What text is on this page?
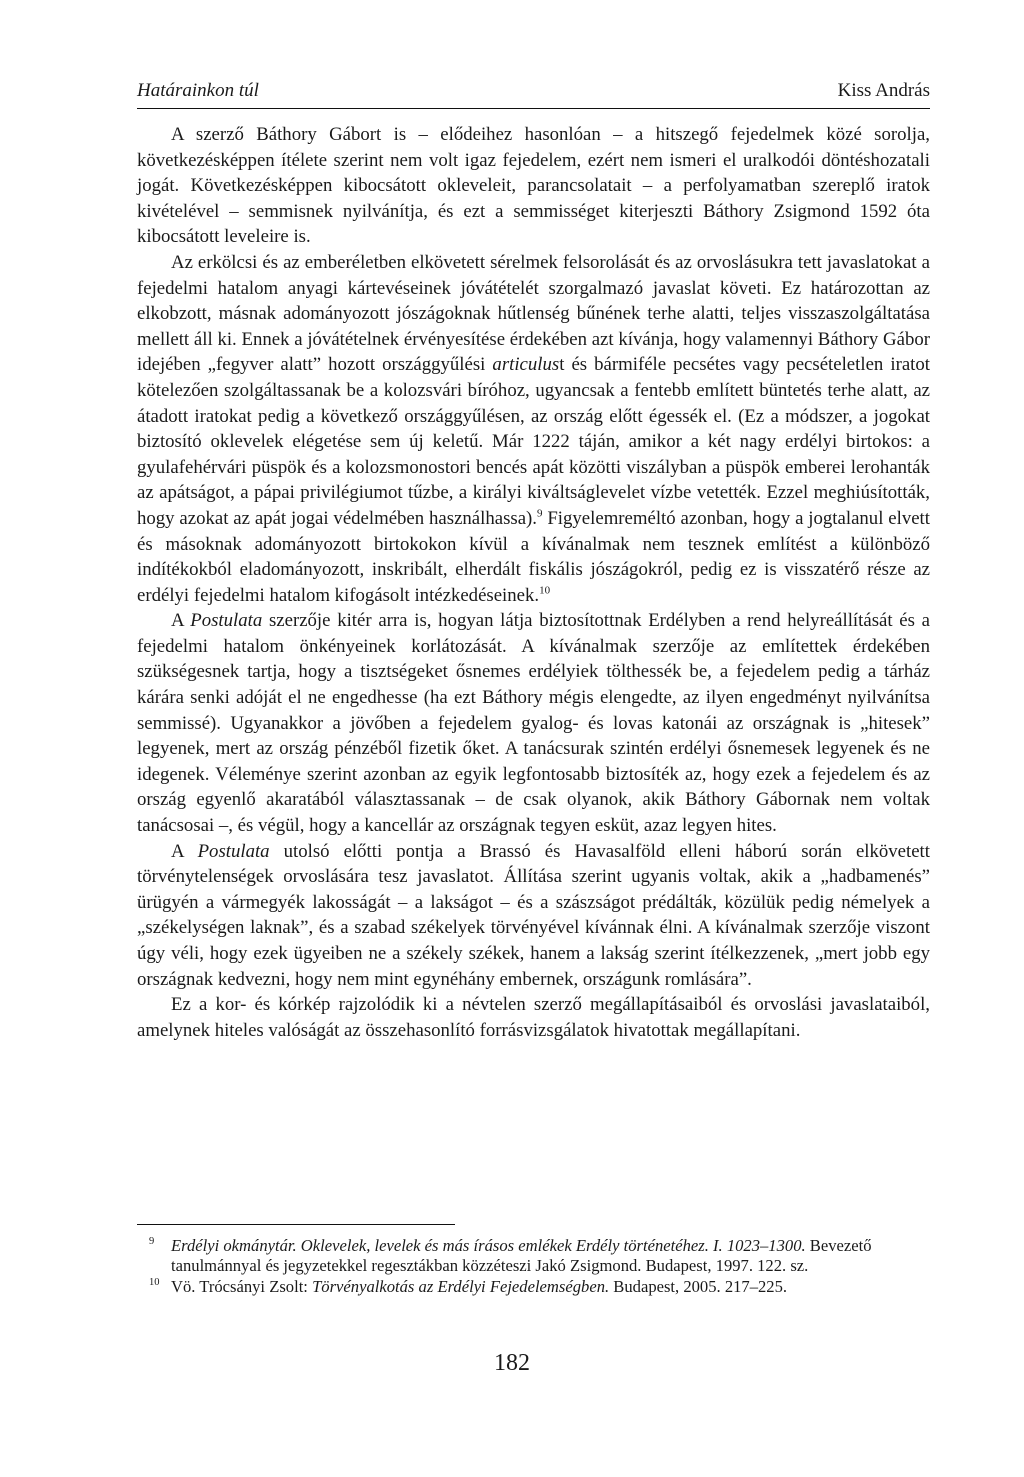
Határainkon túl	Kiss András

A szerző Báthory Gábort is – elődeihez hasonlóan – a hitszegő fejedelmek közé sorolja, következésképpen ítélete szerint nem volt igaz fejedelem, ezért nem ismeri el uralkodói döntéshozatali jogát. Következésképpen kibocsátott okleveleit, parancsolatait – a perfolyamatban szereplő iratok kivételével – semmisnek nyilvánítja, és ezt a semmisséget kiterjeszti Báthory Zsigmond 1592 óta kibocsátott leveleire is.

Az erkölcsi és az emberéletben elkövetett sérelmek felsorolását és az orvoslásukra tett javaslatokat a fejedelmi hatalom anyagi kártevéseinek jóvátételét szorgalmazó javaslat követi. Ez határozottan az elkobzott, másnak adományozott jószágoknak hűtlenség bűnének terhe alatti, teljes visszaszolgáltatása mellett áll ki. Ennek a jóvátételnek érvényesítése érdekében azt kívánja, hogy valamennyi Báthory Gábor idejében „fegyver alatt” hozott országgyűlési articulust és bármiféle pecsétes vagy pecsételetlen iratot kötelezően szolgáltassanak be a kolozsvári bíróhoz, ugyancsak a fentebb említett büntetés terhe alatt, az átadott iratokat pedig a következő országgyűlésen, az ország előtt égessék el. (Ez a módszer, a jogokat biztosító oklevelek elégetése sem új keletű. Már 1222 táján, amikor a két nagy erdélyi birtokos: a gyulafehérvári püspök és a kolozsmonostori bencés apát közötti viszályban a püspök emberei lerohanták az apátságot, a pápai privilégiumot tűzbe, a királyi kiváltságlevelet vízbe vetették. Ezzel meghiúsították, hogy azokat az apát jogai védelmében használhassa).$^9$ Figyelemreméltó azonban, hogy a jogtalanul elvett és másoknak adományozott birtokokon kívül a kívánalmak nem tesznek említést a különböző indítékokból eladományozott, inskribált, elherdált fiskális jószágokról, pedig ez is visszatérő része az erdélyi fejedelmi hatalom kifogásolt intézkedéseinek.$^{10}$

A Postulata szerzője kitér arra is, hogyan látja biztosítottnak Erdélyben a rend helyreállítását és a fejedelmi hatalom önkényeinek korlátozását. A kívánalmak szerzője az említettek érdekében szükségesnek tartja, hogy a tisztségeket ősnemes erdélyiek tölthessék be, a fejedelem pedig a tárház kárára senki adóját el ne engedhesse (ha ezt Báthory mégis elengedte, az ilyen engedményt nyilvánítsa semmissé). Ugyanakkor a jövőben a fejedelem gyalog- és lovas katonái az országnak is „hitesek” legyenek, mert az ország pénzéből fizetik őket. A tanácsurak szintén erdélyi ősnemesek legyenek és ne idegenek. Véleménye szerint azonban az egyik legfontosabb biztosíték az, hogy ezek a fejedelem és az ország egyenlő akaratából választassanak – de csak olyanok, akik Báthory Gábornak nem voltak tanácsosai –, és végül, hogy a kancellár az országnak tegyen esküt, azaz legyen hites.

A Postulata utolsó előtti pontja a Brassó és Havasalföld elleni háború során elkövetett törvénytelenségek orvoslására tesz javaslatot. Állítása szerint ugyanis voltak, akik a „hadbamenés” ürügyén a vármegyék lakosságát – a lakságot – és a szászságot prédálták, közülük pedig némelyek a „székelységen laknak”, és a szabad székelyek törvényével kívánnak élni. A kívánalmak szerzője viszont úgy véli, hogy ezek ügyeiben ne a székely székek, hanem a lakság szerint ítélkezzenek, „mert jobb egy országnak kedvezni, hogy nem mint egynéhány embernek, országunk romlására”.

Ez a kor- és kórkép rajzolódik ki a névtelen szerző megállapításaiból és orvoslási javaslataiból, amelynek hiteles valóságát az összehasonlító forrásvizsgálatok hivatottak megállapítani.

9 Erdélyi okmánytár. Oklevelek, levelek és más írásos emlékek Erdély történetéhez. I. 1023–1300. Bevezető tanulmánnyal és jegyzetekkel regesztákban közzéteszi Jakó Zsigmond. Budapest, 1997. 122. sz.
10 Vö. Trócsányi Zsolt: Törvényalkotás az Erdélyi Fejedelemségben. Budapest, 2005. 217–225.
182
